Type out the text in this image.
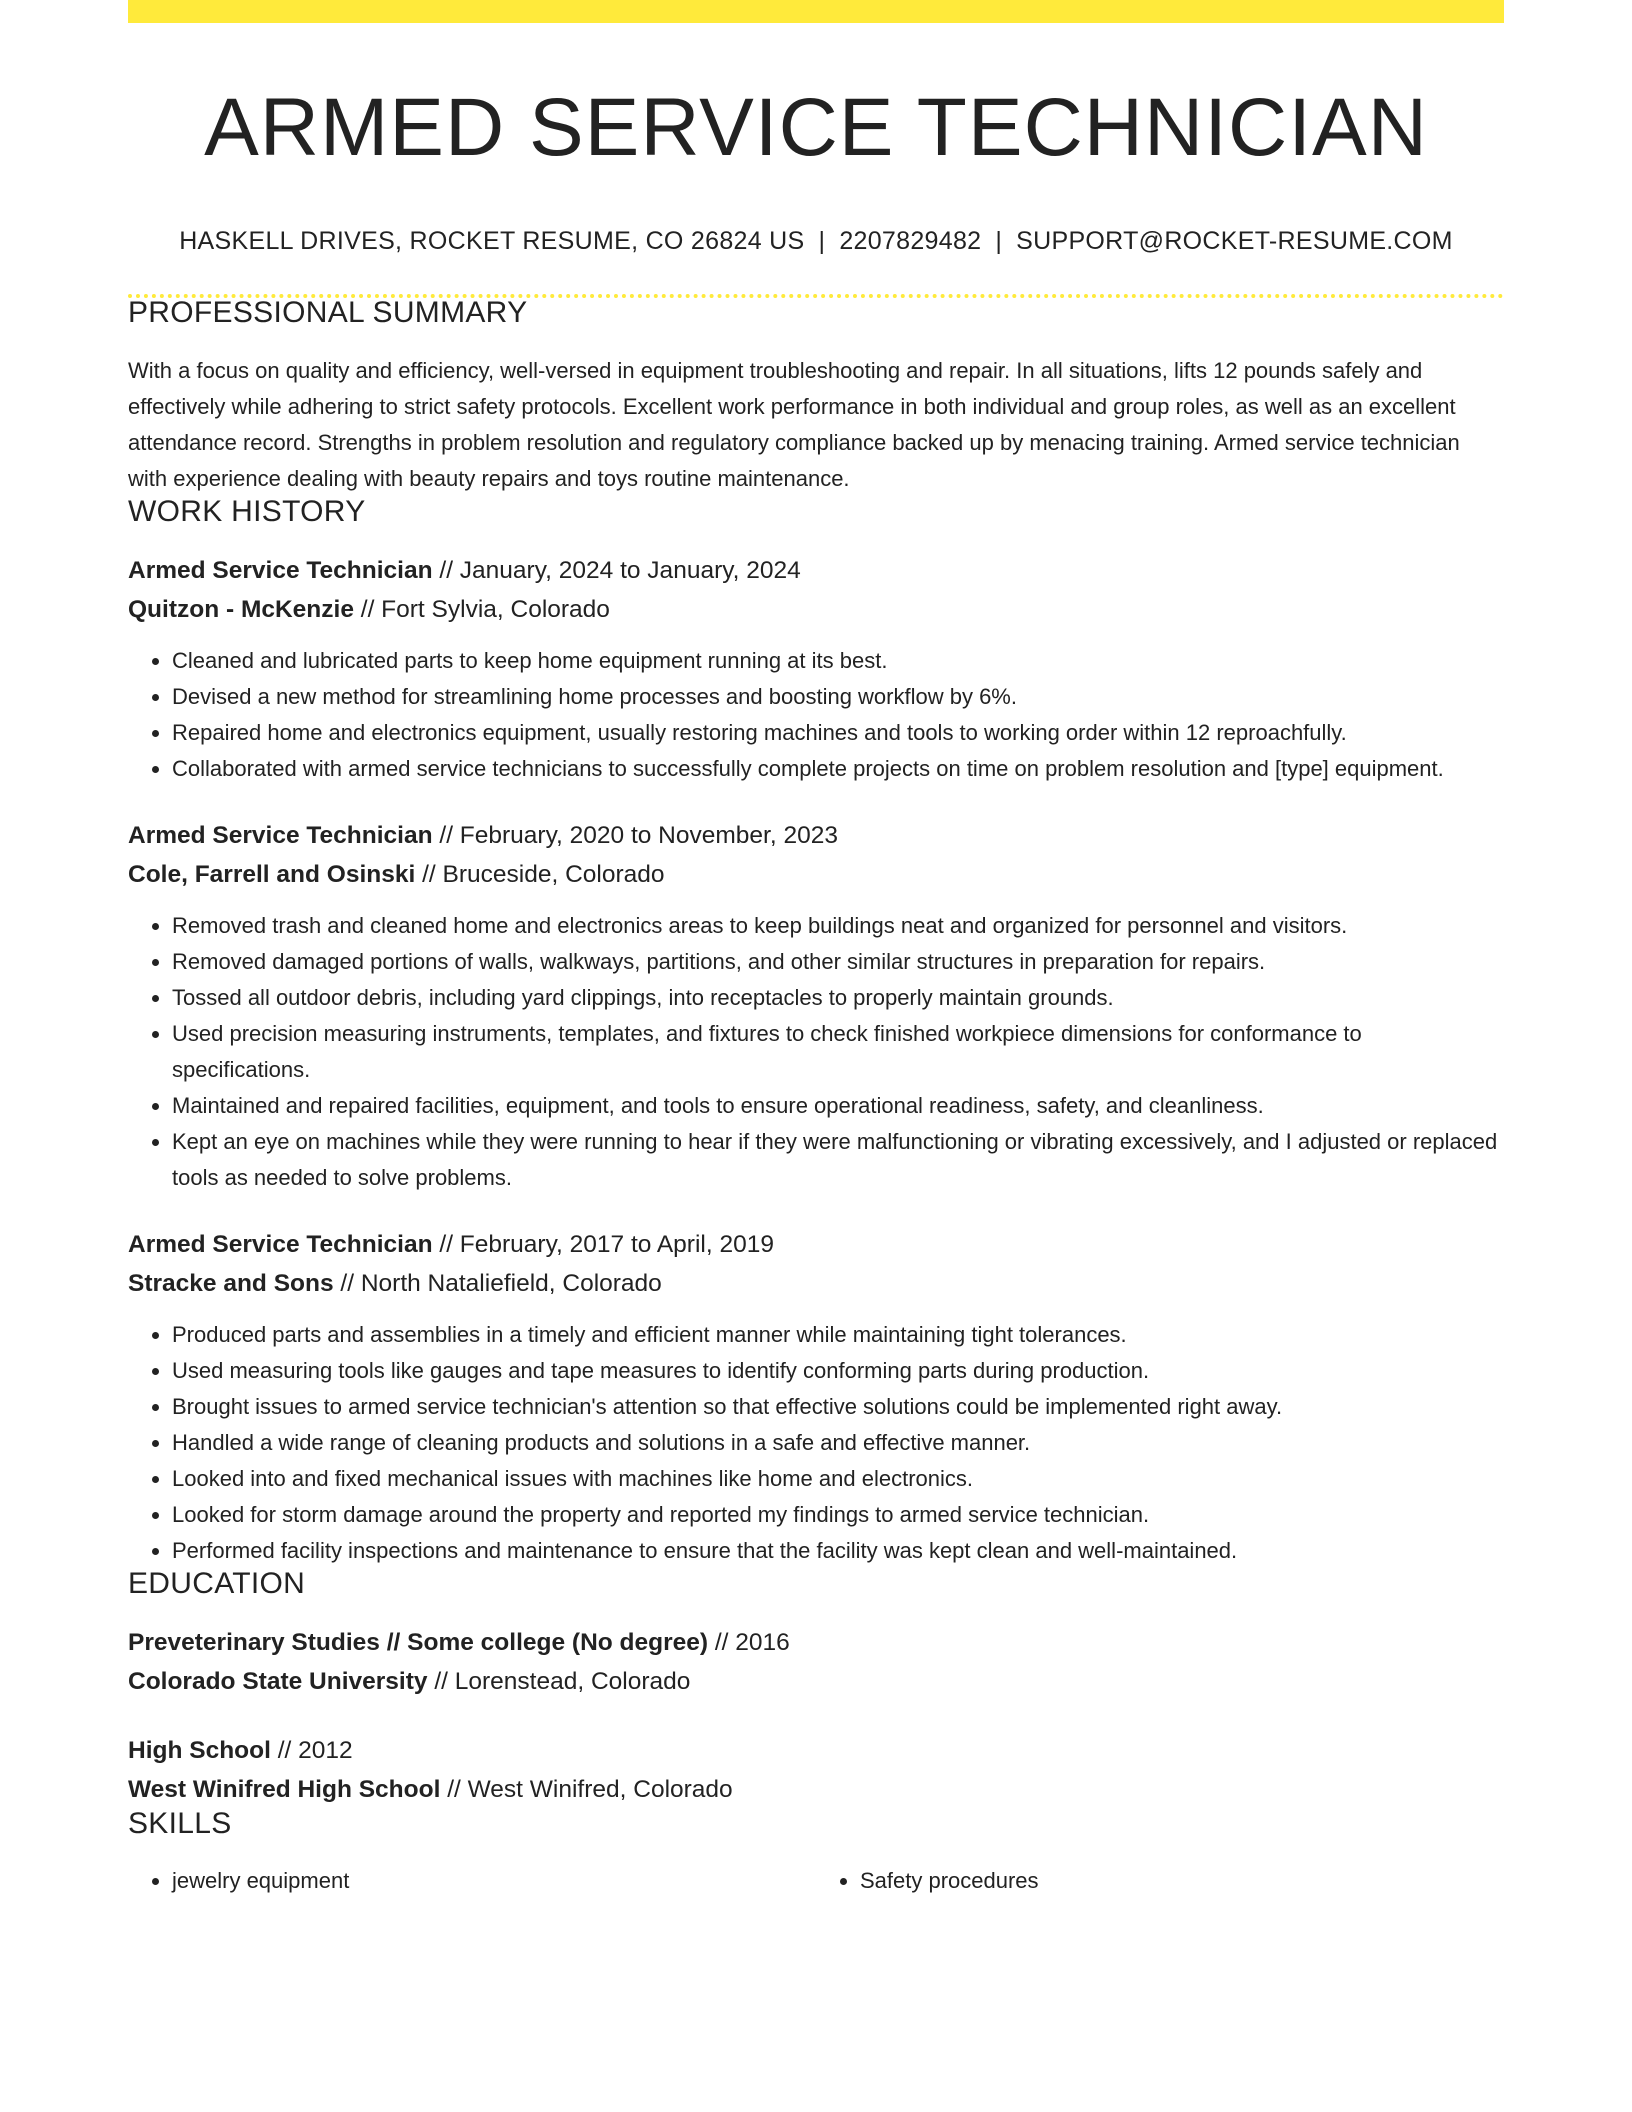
ARMED SERVICE TECHNICIAN
HASKELL DRIVES, ROCKET RESUME, CO 26824 US | 2207829482 | SUPPORT@ROCKET-RESUME.COM
PROFESSIONAL SUMMARY
With a focus on quality and efficiency, well-versed in equipment troubleshooting and repair. In all situations, lifts 12 pounds safely and effectively while adhering to strict safety protocols. Excellent work performance in both individual and group roles, as well as an excellent attendance record. Strengths in problem resolution and regulatory compliance backed up by menacing training. Armed service technician with experience dealing with beauty repairs and toys routine maintenance.
WORK HISTORY
Armed Service Technician // January, 2024 to January, 2024
Quitzon - McKenzie // Fort Sylvia, Colorado
• Cleaned and lubricated parts to keep home equipment running at its best.
• Devised a new method for streamlining home processes and boosting workflow by 6%.
• Repaired home and electronics equipment, usually restoring machines and tools to working order within 12 reproachfully.
• Collaborated with armed service technicians to successfully complete projects on time on problem resolution and [type] equipment.
Armed Service Technician // February, 2020 to November, 2023
Cole, Farrell and Osinski // Bruceside, Colorado
• Removed trash and cleaned home and electronics areas to keep buildings neat and organized for personnel and visitors.
• Removed damaged portions of walls, walkways, partitions, and other similar structures in preparation for repairs.
• Tossed all outdoor debris, including yard clippings, into receptacles to properly maintain grounds.
• Used precision measuring instruments, templates, and fixtures to check finished workpiece dimensions for conformance to specifications.
• Maintained and repaired facilities, equipment, and tools to ensure operational readiness, safety, and cleanliness.
• Kept an eye on machines while they were running to hear if they were malfunctioning or vibrating excessively, and I adjusted or replaced tools as needed to solve problems.
Armed Service Technician // February, 2017 to April, 2019
Stracke and Sons // North Nataliefield, Colorado
• Produced parts and assemblies in a timely and efficient manner while maintaining tight tolerances.
• Used measuring tools like gauges and tape measures to identify conforming parts during production.
• Brought issues to armed service technician's attention so that effective solutions could be implemented right away.
• Handled a wide range of cleaning products and solutions in a safe and effective manner.
• Looked into and fixed mechanical issues with machines like home and electronics.
• Looked for storm damage around the property and reported my findings to armed service technician.
• Performed facility inspections and maintenance to ensure that the facility was kept clean and well-maintained.
EDUCATION
Preveterinary Studies // Some college (No degree) // 2016
Colorado State University // Lorenstead, Colorado
High School // 2012
West Winifred High School // West Winifred, Colorado
SKILLS
• jewelry equipment
•	Safety procedures
